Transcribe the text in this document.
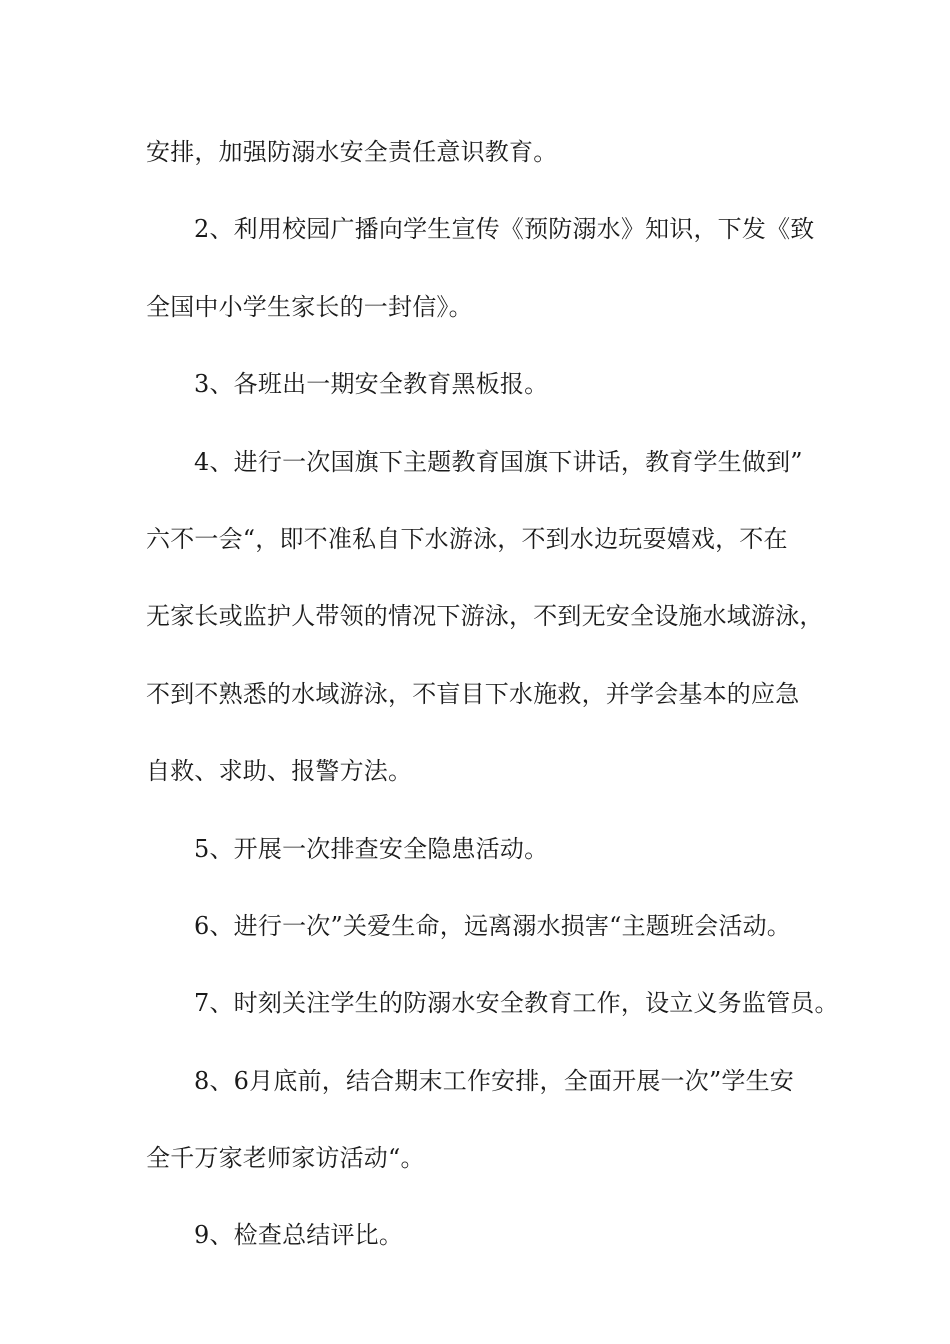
安排，加强防溺水安全责任意识教育。
2、利用校园广播向学生宣传《预防溺水》知识，下发《致
全国中小学生家长的一封信》。
3、各班出一期安全教育黑板报。
4、进行一次国旗下主题教育国旗下讲话，教育学生做到”
六不一会“，即不准私自下水游泳，不到水边玩耍嬉戏，不在
无家长或监护人带领的情况下游泳，不到无安全设施水域游泳，
不到不熟悉的水域游泳，不盲目下水施救，并学会基本的应急
自救、求助、报警方法。
5、开展一次排查安全隐患活动。
6、进行一次”关爱生命，远离溺水损害“主题班会活动。
7、时刻关注学生的防溺水安全教育工作，设立义务监管员。
8、6月底前，结合期末工作安排，全面开展一次”学生安
全千万家老师家访活动“。
9、检查总结评比。
